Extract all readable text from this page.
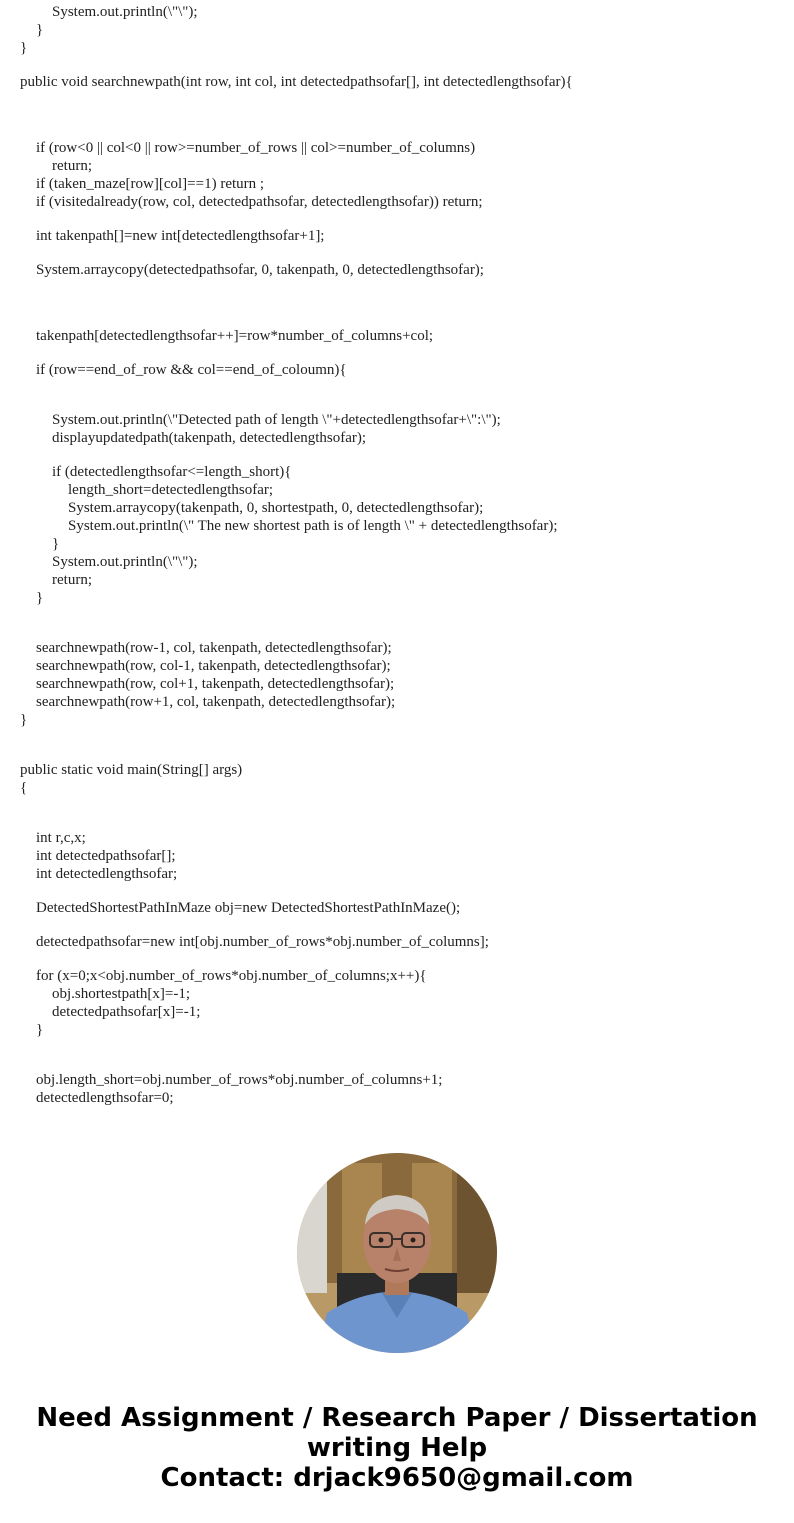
System.out.println(\"\");
}
}
public void searchnewpath(int row, int col, int detectedpathsofar[], int detectedlengthsofar){
if (row<0 || col<0 || row>=number_of_rows || col>=number_of_columns)
return;
if (taken_maze[row][col]==1) return ;
if (visitedalready(row, col, detectedpathsofar, detectedlengthsofar)) return;
int takenpath[]=new int[detectedlengthsofar+1];
System.arraycopy(detectedpathsofar, 0, takenpath, 0, detectedlengthsofar);
takenpath[detectedlengthsofar++]=row*number_of_columns+col;
if (row==end_of_row && col==end_of_coloumn){
System.out.println(\"Detected path of length \"+detectedlengthsofar+\":\");
displayupdatedpath(takenpath, detectedlengthsofar);
if (detectedlengthsofar<=length_short){
length_short=detectedlengthsofar;
System.arraycopy(takenpath, 0, shortestpath, 0, detectedlengthsofar);
System.out.println(\" The new shortest path is of length \" + detectedlengthsofar);
}
System.out.println(\"\");
return;
}
searchnewpath(row-1, col, takenpath, detectedlengthsofar);
searchnewpath(row, col-1, takenpath, detectedlengthsofar);
searchnewpath(row, col+1, takenpath, detectedlengthsofar);
searchnewpath(row+1, col, takenpath, detectedlengthsofar);
}
public static void main(String[] args)
{
int r,c,x;
int detectedpathsofar[];
int detectedlengthsofar;
DetectedShortestPathInMaze obj=new DetectedShortestPathInMaze();
detectedpathsofar=new int[obj.number_of_rows*obj.number_of_columns];
for (x=0;x<obj.number_of_rows*obj.number_of_columns;x++){
obj.shortestpath[x]=-1;
detectedpathsofar[x]=-1;
}
obj.length_short=obj.number_of_rows*obj.number_of_columns+1;
detectedlengthsofar=0;
Need Assignment / Research Paper / Dissertation
writing Help
Contact: drjack9650@gmail.com
